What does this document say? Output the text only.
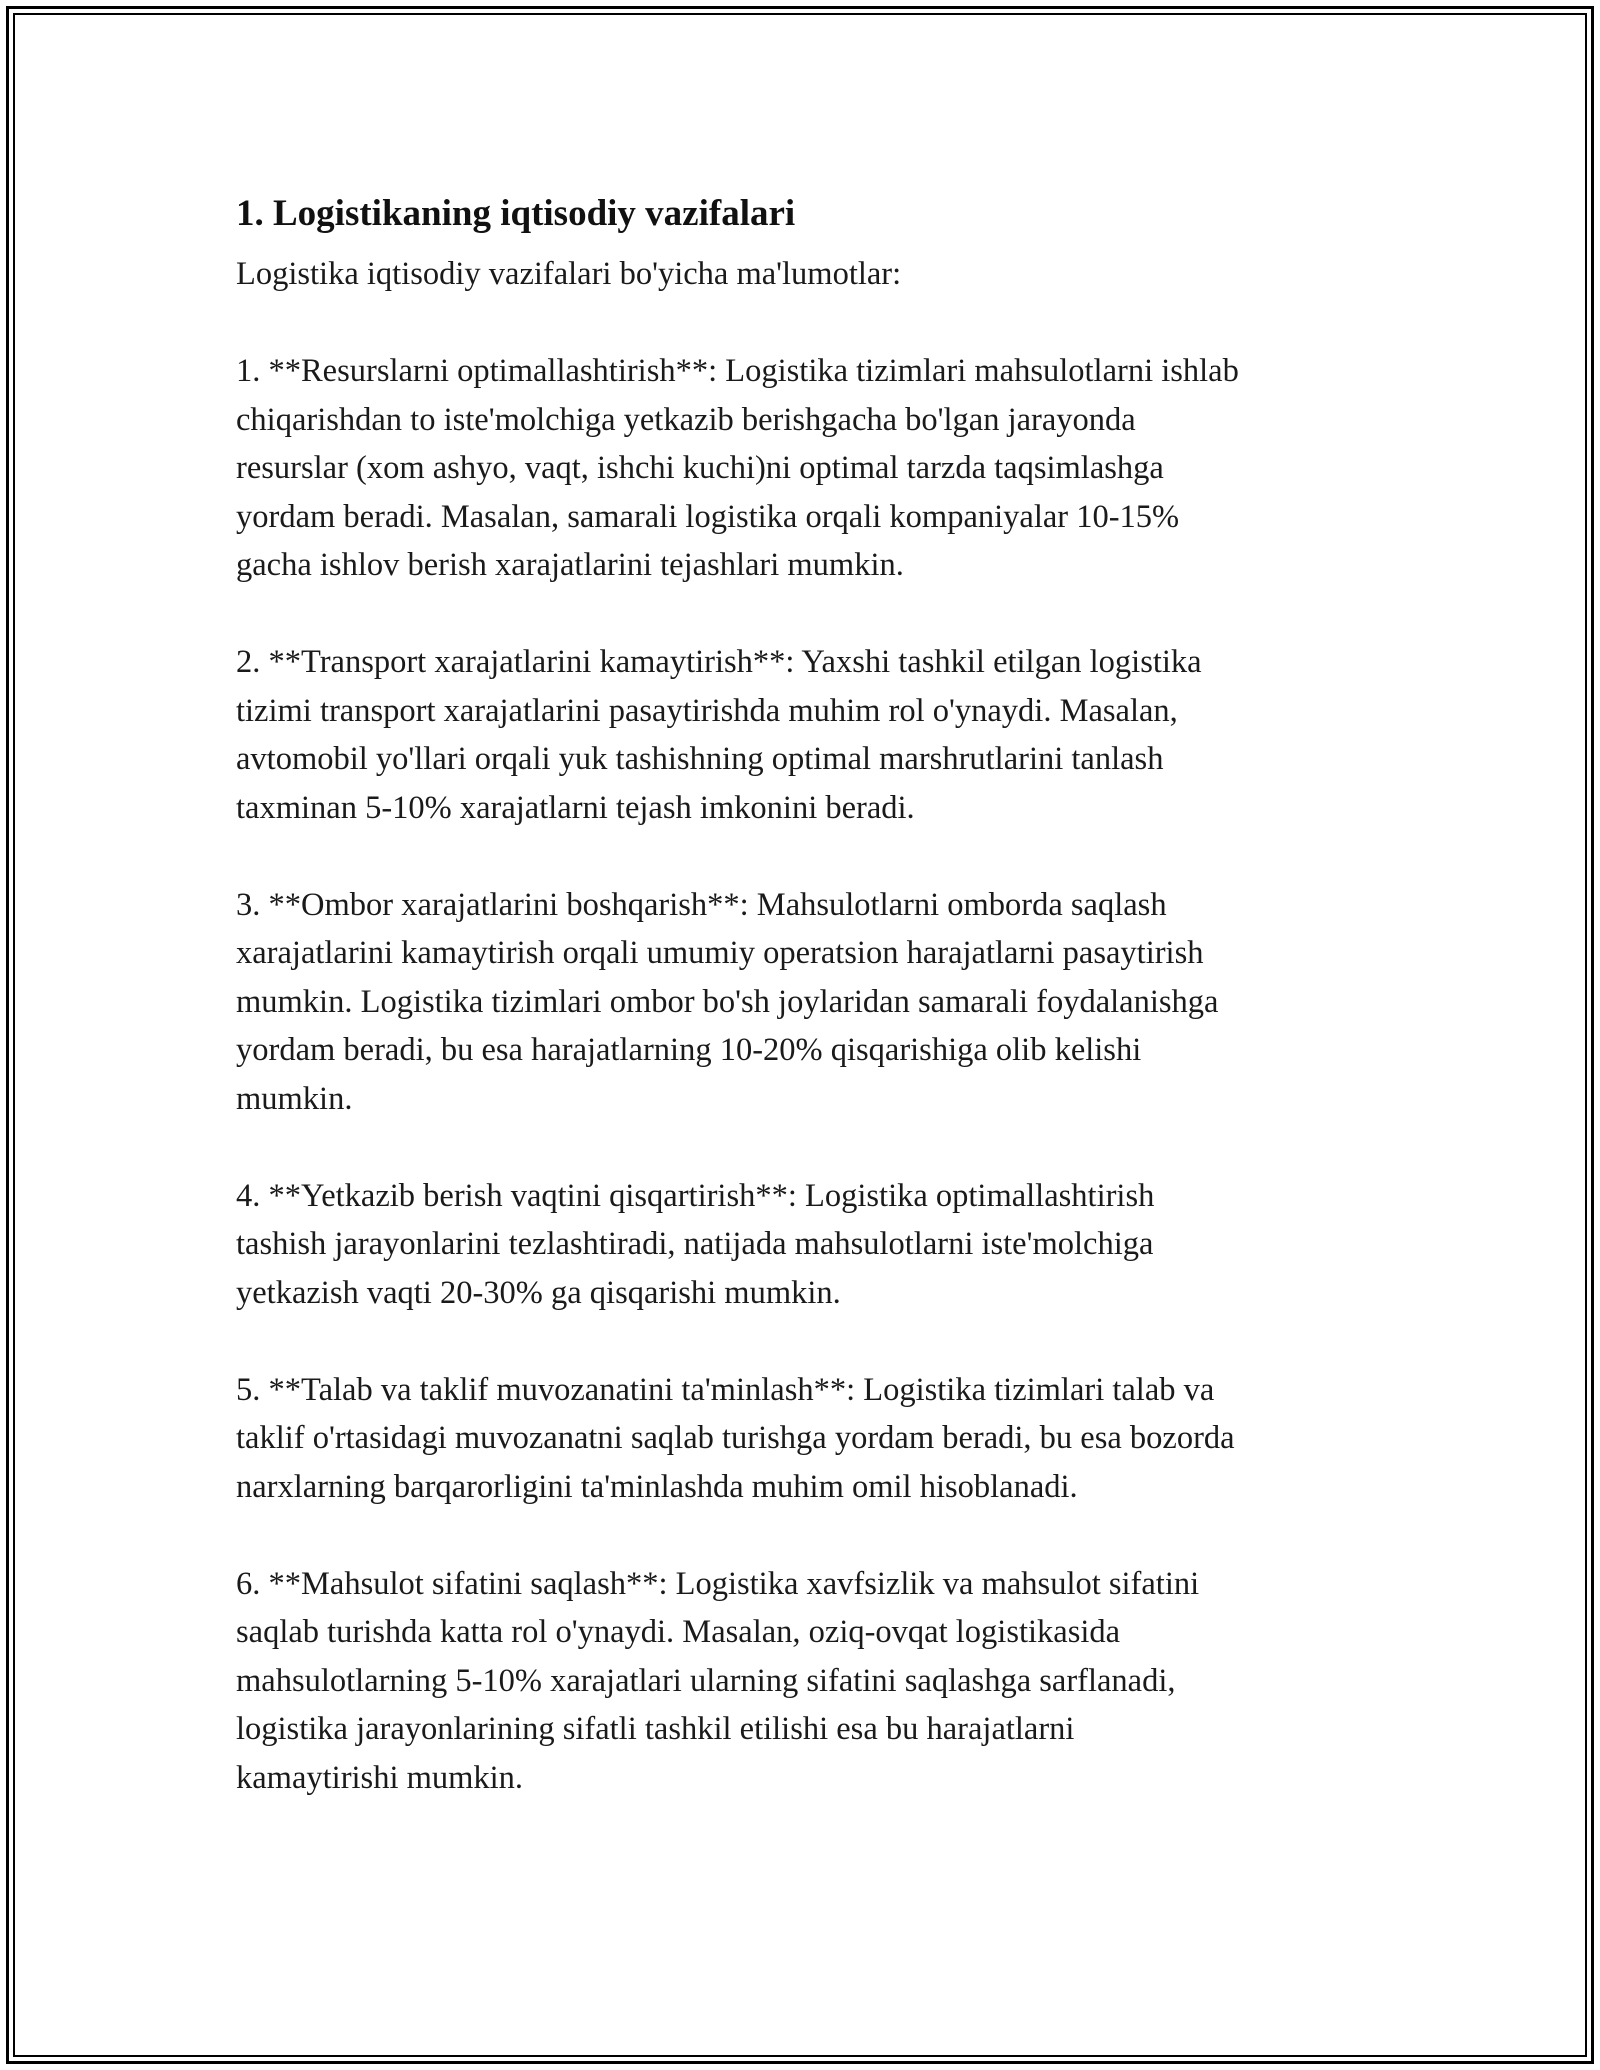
1. Logistikaning iqtisodiy vazifalari

Logistika iqtisodiy vazifalari bo'yicha ma'lumotlar:

1. **Resurslarni optimallashtirish**: Logistika tizimlari mahsulotlarni ishlab
chiqarishdan to iste'molchiga yetkazib berishgacha bo'lgan jarayonda
resurslar (xom ashyo, vaqt, ishchi kuchi)ni optimal tarzda taqsimlashga
yordam beradi. Masalan, samarali logistika orqali kompaniyalar 10-15%
gacha ishlov berish xarajatlarini tejashlari mumkin.

2. **Transport xarajatlarini kamaytirish**: Yaxshi tashkil etilgan logistika
tizimi transport xarajatlarini pasaytirishda muhim rol o'ynaydi. Masalan,
avtomobil yo'llari orqali yuk tashishning optimal marshrutlarini tanlash
taxminan 5-10% xarajatlarni tejash imkonini beradi.

3. **Ombor xarajatlarini boshqarish**: Mahsulotlarni omborda saqlash
xarajatlarini kamaytirish orqali umumiy operatsion harajatlarni pasaytirish
mumkin. Logistika tizimlari ombor bo'sh joylaridan samarali foydalanishga
yordam beradi, bu esa harajatlarning 10-20% qisqarishiga olib kelishi
mumkin.

4. **Yetkazib berish vaqtini qisqartirish**: Logistika optimallashtirish
tashish jarayonlarini tezlashtiradi, natijada mahsulotlarni iste'molchiga
yetkazish vaqti 20-30% ga qisqarishi mumkin.

5. **Talab va taklif muvozanatini ta'minlash**: Logistika tizimlari talab va
taklif o'rtasidagi muvozanatni saqlab turishga yordam beradi, bu esa bozorda
narxlarning barqarorligini ta'minlashda muhim omil hisoblanadi.

6. **Mahsulot sifatini saqlash**: Logistika xavfsizlik va mahsulot sifatini
saqlab turishda katta rol o'ynaydi. Masalan, oziq-ovqat logistikasida
mahsulotlarning 5-10% xarajatlari ularning sifatini saqlashga sarflanadi,
logistika jarayonlarining sifatli tashkil etilishi esa bu harajatlarni
kamaytirishi mumkin.
